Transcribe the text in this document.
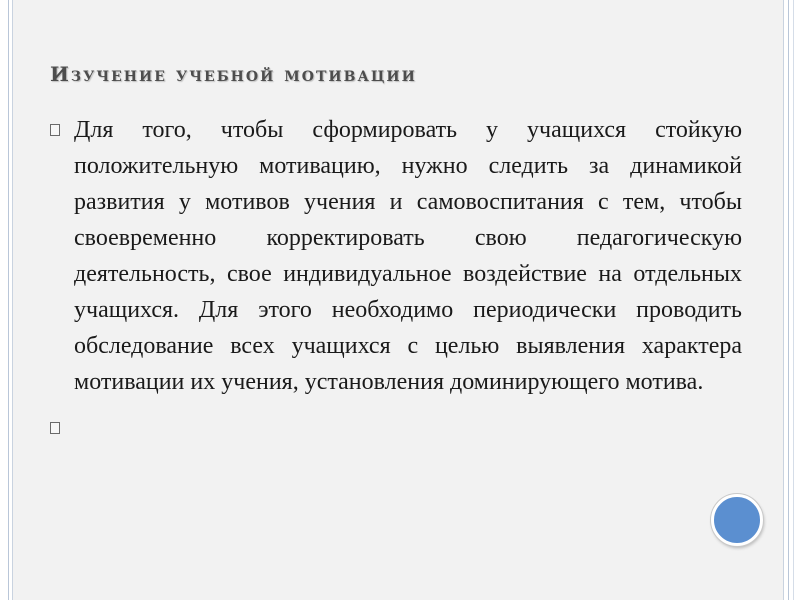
Изучение учебной мотивации
Для того, чтобы сформировать у учащихся стойкую положительную мотивацию, нужно следить за динамикой развития у мотивов учения и самовоспитания с тем, чтобы своевременно корректировать свою педагогическую деятельность, свое индивидуальное воздействие на отдельных учащихся. Для этого необходимо периодически проводить обследование всех учащихся с целью выявления характера мотивации их учения, установления доминирующего мотива.
